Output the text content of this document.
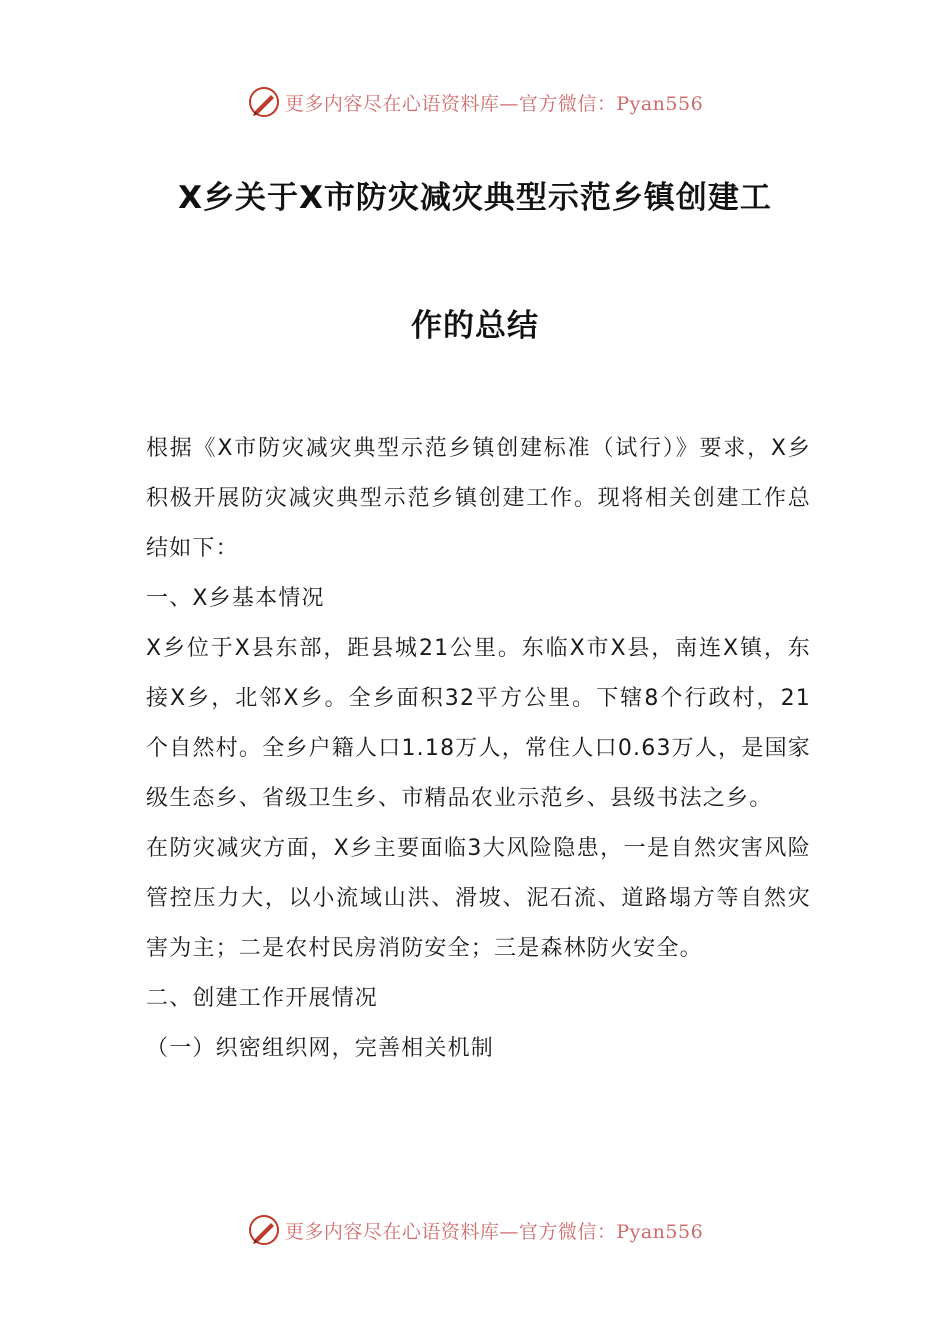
更多内容尽在心语资料库—官方微信：Pyan556
X乡关于X市防灾减灾典型示范乡镇创建工
作的总结

根据《X市防灾减灾典型示范乡镇创建标准（试行）》要求，X乡积极开展防灾减灾典型示范乡镇创建工作。现将相关创建工作总结如下：

一、X乡基本情况

X乡位于X县东部，距县城21公里。东临X市X县，南连X镇，东接X乡，北邻X乡。全乡面积32平方公里。下辖8个行政村，21个自然村。全乡户籍人口1.18万人，常住人口0.63万人，是国家级生态乡、省级卫生乡、市精品农业示范乡、县级书法之乡。

在防灾减灾方面，X乡主要面临3大风险隐患，一是自然灾害风险管控压力大，以小流域山洪、滑坡、泥石流、道路塌方等自然灾害为主；二是农村民房消防安全；三是森林防火安全。

二、创建工作开展情况

（一）织密组织网，完善相关机制

更多内容尽在心语资料库—官方微信：Pyan556
